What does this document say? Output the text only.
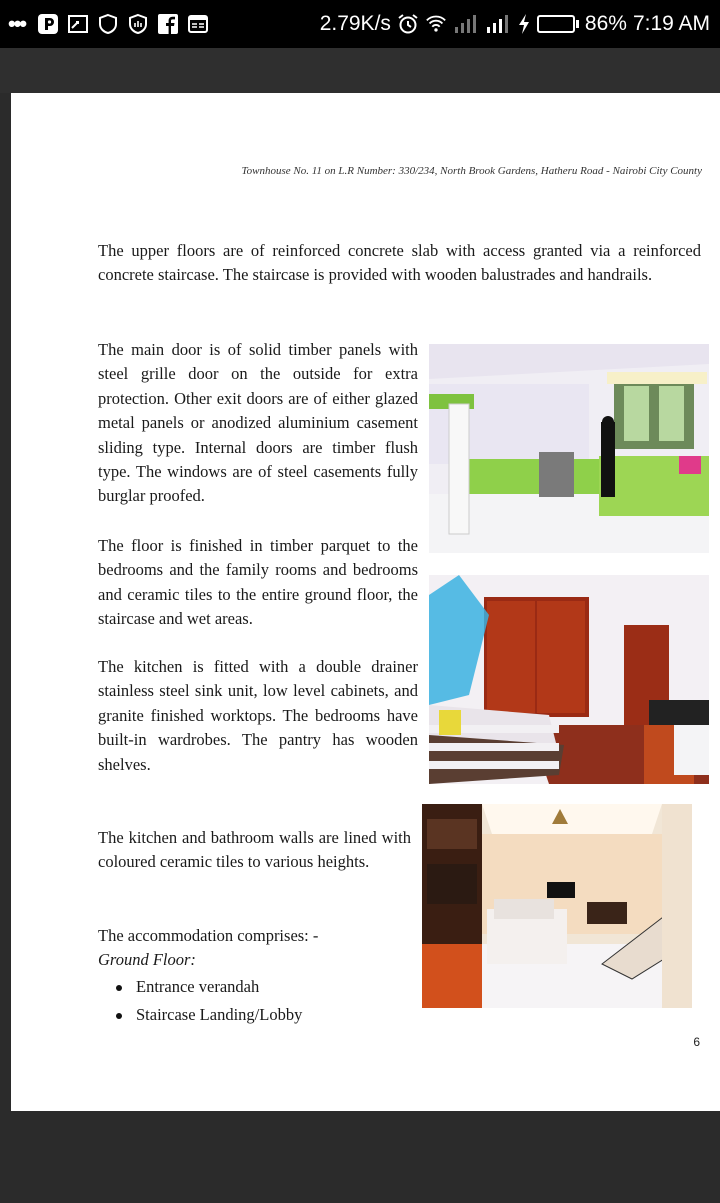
•••	2.79K/s	86% 7:19 AM
Townhouse No. 11 on L.R Number: 330/234, North Brook Gardens, Hatheru Road - Nairobi City County
The upper floors are of reinforced concrete slab with access granted via a reinforced concrete staircase. The staircase is provided with wooden balustrades and handrails.
The main door is of solid timber panels with steel grille door on the outside for extra protection. Other exit doors are of either glazed metal panels or anodized aluminium casement sliding type. Internal doors are timber flush type. The windows are of steel casements fully burglar proofed.
The floor is finished in timber parquet to the bedrooms and the family rooms and bedrooms and ceramic tiles to the entire ground floor, the staircase and wet areas.
The kitchen is fitted with a double drainer stainless steel sink unit, low level cabinets, and granite finished worktops. The bedrooms have built-in wardrobes. The pantry has wooden shelves.
The kitchen and bathroom walls are lined with coloured ceramic tiles to various heights.
The accommodation comprises: -
Ground Floor:
Entrance verandah
Staircase Landing/Lobby
6
